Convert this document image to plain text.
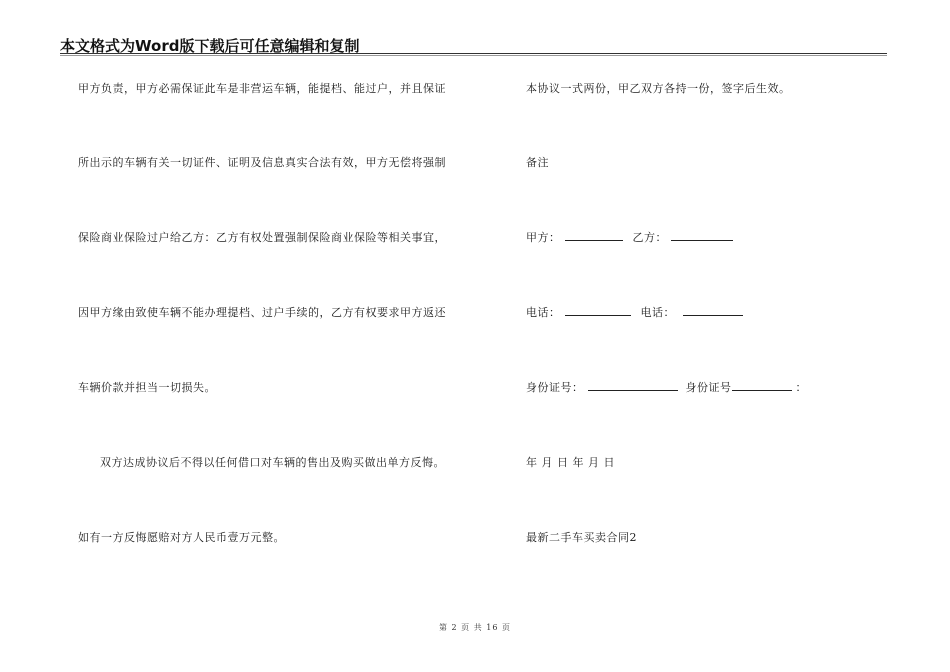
本文格式为Word版下载后可任意编辑和复制
甲方负责，甲方必需保证此车是非营运车辆，能提档、能过户，并且保证
所出示的车辆有关一切证件、证明及信息真实合法有效，甲方无偿将强制
保险商业保险过户给乙方：乙方有权处置强制保险商业保险等相关事宜，
因甲方缘由致使车辆不能办理提档、过户手续的，乙方有权要求甲方返还
车辆价款并担当一切损失。
双方达成协议后不得以任何借口对车辆的售出及购买做出单方反悔。
如有一方反悔愿赔对方人民币壹万元整。
本协议一式两份，甲乙双方各持一份，签字后生效。
备注
甲方：	乙方：
电话：	电话：
身份证号：	身份证号	：
年 月 日 年 月 日
最新二手车买卖合同2
第 2 页 共 16 页
